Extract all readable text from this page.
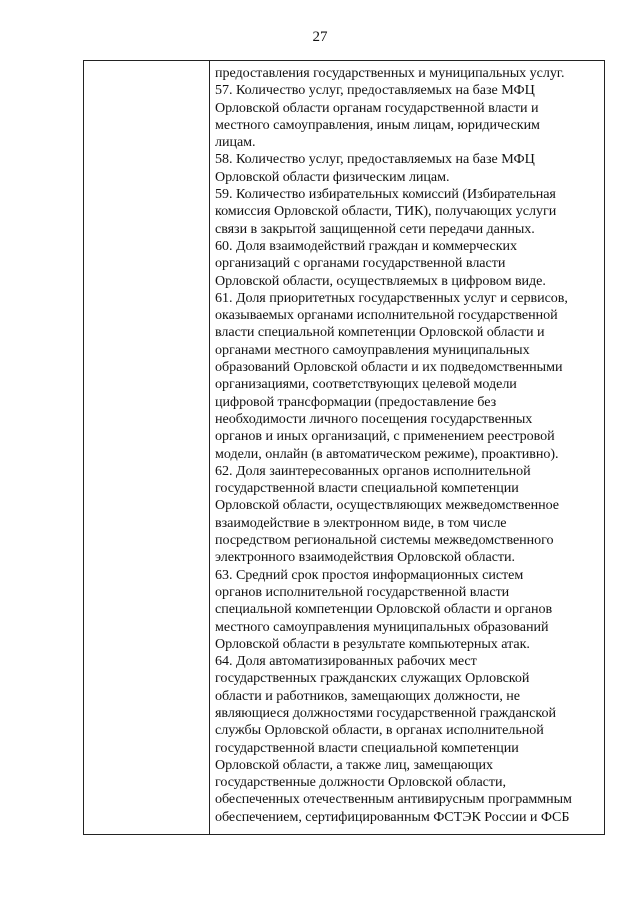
27
предоставления государственных и муниципальных услуг.
57. Количество услуг, предоставляемых на базе МФЦ
Орловской области органам государственной власти и
местного самоуправления, иным лицам, юридическим
лицам.
58. Количество услуг, предоставляемых на базе МФЦ
Орловской области физическим лицам.
59. Количество избирательных комиссий (Избирательная
комиссия Орловской области, ТИК), получающих услуги
связи в закрытой защищенной сети передачи данных.
60. Доля взаимодействий граждан и коммерческих
организаций с органами государственной власти
Орловской области, осуществляемых в цифровом виде.
61. Доля приоритетных государственных услуг и сервисов,
оказываемых органами исполнительной государственной
власти специальной компетенции Орловской области и
органами местного самоуправления муниципальных
образований Орловской области и их подведомственными
организациями, соответствующих целевой модели
цифровой трансформации (предоставление без
необходимости личного посещения государственных
органов и иных организаций, с применением реестровой
модели, онлайн (в автоматическом режиме), проактивно).
62. Доля заинтересованных органов исполнительной
государственной власти специальной компетенции
Орловской области, осуществляющих межведомственное
взаимодействие в электронном виде, в том числе
посредством региональной системы межведомственного
электронного взаимодействия Орловской области.
63. Средний срок простоя информационных систем
органов исполнительной государственной власти
специальной компетенции Орловской области и органов
местного самоуправления муниципальных образований
Орловской области в результате компьютерных атак.
64. Доля автоматизированных рабочих мест
государственных гражданских служащих Орловской
области и работников, замещающих должности, не
являющиеся должностями государственной гражданской
службы Орловской области, в органах исполнительной
государственной власти специальной компетенции
Орловской области, а также лиц, замещающих
государственные должности Орловской области,
обеспеченных отечественным антивирусным программным
обеспечением, сертифицированным ФСТЭК России и ФСБ
